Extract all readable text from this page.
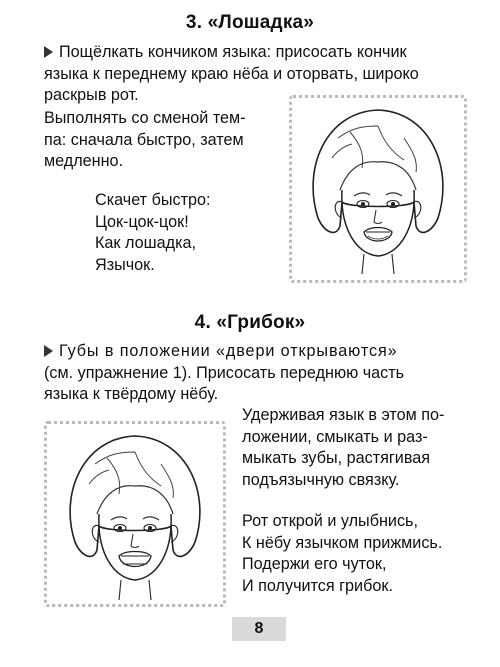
3. «Лошадка»
Пощёлкать кончиком языка: присосать кончик
языка к переднему краю нёба и оторвать, широко
раскрыв рот.
Выполнять со сменой тем-
па: сначала быстро, затем
медленно.
Скачет быстро:
Цок-цок-цок!
Как лошадка,
Язычок.
4. «Грибок»
Губы в положении «двери открываются»
(см. упражнение 1). Присосать переднюю часть
языка к твёрдому нёбу.
Удерживая язык в этом по-
ложении, смыкать и раз-
мыкать зубы, растягивая
подъязычную связку.
Рот открой и улыбнись,
К нёбу язычком прижмись.
Подержи его чуток,
И получится грибок.
8
